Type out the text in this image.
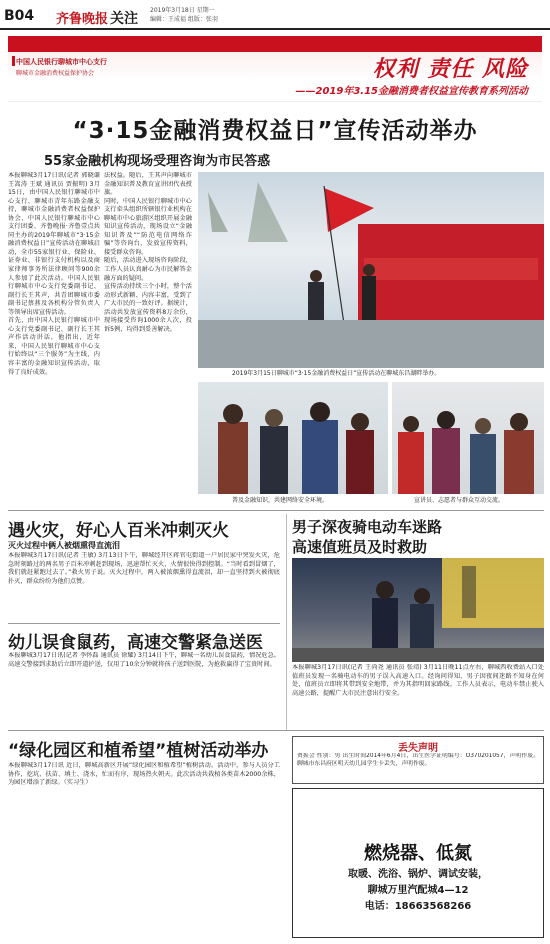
B04 齐鲁晚报 关注
2019年3月18日 星期一
编辑：王成福 组版：张羽
中国人民银行聊城市中心支行
聊城市金融消费权益保护协会	权利 责任 风险
——2019年3.15金融消费者权益宣传教育系列活动
“3·15金融消费权益日”宣传活动举办
55家金融机构现场受理咨询为市民答惑
本报聊城3月17日讯(记者 郭晓谦 王嵩涛 王斌 通讯员 贾振明) 3月15日，由中国人民银行聊城市中心支行、聊城市青年东路金融支持，聊城市金融消费者权益保护协会、中国人民银行聊城市中心支行团委、齐鲁晚报·齐鲁壹点共同主办的2019年聊城市“3·15金融消费权益日”宣传活动在聊城启动，全市55家银行业、保险业、证券业、非银行支付机构以及商家律师事务所法律顾问等900余人参加了此次活动。中国人民银行聊城市中心支行党委副书记、副行长王其声，共青团聊城市委副书记蔡燕及各机构分管负责人等领导出席宣传活动。
首先，由中国人民银行聊城市中心支行党委副书记、副行长王其声作活动讲话，他指出，近年来，中国人民银行聊城市中心支行始终以“三个服务”为主线，内容丰富的金融知识宣传活动，取得了良好成效。
法权益。随后，王其声向聊城市金融知识普及教育宣讲团代表授旗。
同时，中国人民银行聊城市中心支行牵头组织所辖银行业机构在聊城市中心旅游区组织开展金融知识宣传活动，现场设立“金融知识普及”“防范电信网络诈骗”等咨询台，发放宣传资料，接受群众咨询。
随后，活动进入现场咨询阶段，工作人员认真耐心为市民解答金融方面的疑问。
宣传活动持续三个小时，整个活动形式新颖、内容丰富，受到了广大市民的一致好评。据统计，活动共发放宣传资料8万余份，现场接受咨询1000余人次，投诉5例，均得到妥善解决。
2019年3月15日聊城市“3·15金融消费权益日”宣传活动在聊城东昌湖畔举办。
普及金融知识，共建网络安全环境。	宣讲员、志愿者与群众互动交流。
遇火灾，好心人百米冲刺灭火
灭火过程中俩人被烟熏得直流泪
本报聊城3月17日讯(记者 王敏) 3月13日下午，聊城经开区蒋官屯街道一户居民家中突发火灾，危急时刻路过的两名男子百米冲刺赶到现场，迅速帮忙灭火，火情很快得到控制。“当时看到冒烟了，我们就赶紧跑过去了。”救火男子说。灭火过程中，两人被浓烟熏得直流泪，却一直坚持到火被彻底扑灭，群众纷纷为他们点赞。
幼儿误食鼠药，高速交警紧急送医
本报聊城3月17日讯(记者 李怀磊 通讯员 徐耀) 3月14日下午，聊城一名幼儿误食鼠药，情况危急。高速交警接到求助后立即开道护送，仅用了10余分钟就将孩子送到医院，为抢救赢得了宝贵时间。
“绿化园区和植希望”植树活动举办
本报聊城3月17日讯 近日，聊城高新区开展“绿化园区和植希望”植树活动。活动中，参与人员分工协作，挖坑、扶苗、填土、浇水，忙而有序，现场热火朝天。此次活动共栽植各类苗木2000余株，为园区增添了新绿。（实习生）
男子深夜骑电动车迷路
高速值班员及时救助
本报聊城3月17日讯(记者 王尚尧 通讯员 张靖) 3月11日晚11点左右，聊城西收费站入口处值班员发现一名骑电动车的男子误入高速入口。经询问得知，男子因夜间迷路不知身在何处，值班员立即将其带到安全地带，并为其指明回家路线。工作人员表示，电动车禁止驶入高速公路，提醒广大市民注意出行安全。
丢失声明
贾振会 性别：男 出生时间2014年6月4日，出生医学证明编号：O370201057，声明作废。聊城市东昌府区明天幼儿园学生卡丢失，声明作废。
燃烧器、低氮
取暖、洗浴、锅炉、调试安装，
聊城万里汽配城4—12
电话：18663568266
